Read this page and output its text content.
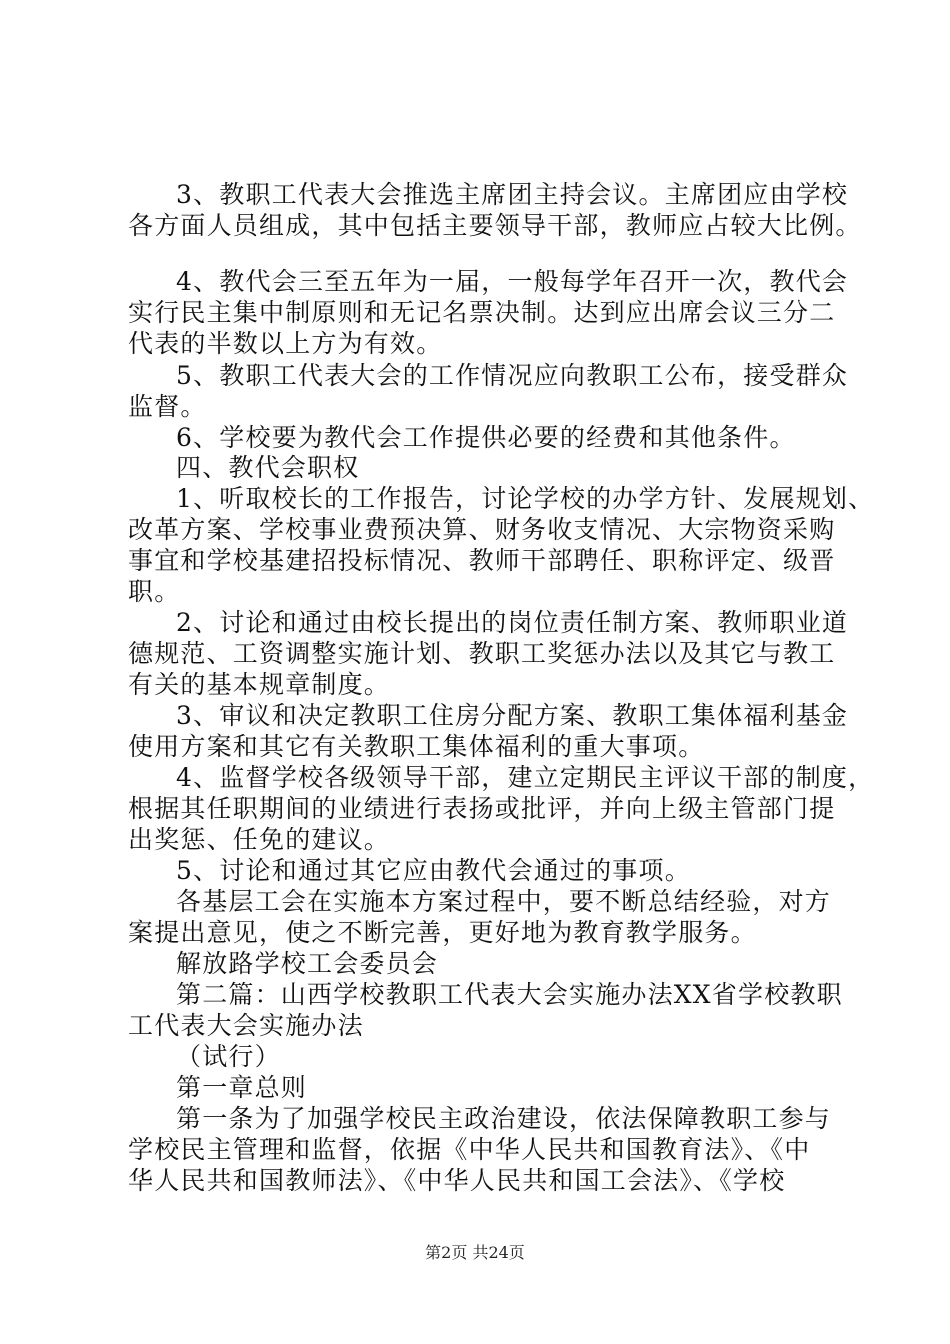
3、教职工代表大会推选主席团主持会议。主席团应由学校
各方面人员组成，其中包括主要领导干部，教师应占较大比例。
4、教代会三至五年为一届，一般每学年召开一次，教代会
实行民主集中制原则和无记名票决制。达到应出席会议三分二
代表的半数以上方为有效。
5、教职工代表大会的工作情况应向教职工公布，接受群众
监督。
6、学校要为教代会工作提供必要的经费和其他条件。
四、教代会职权
1、听取校长的工作报告，讨论学校的办学方针、发展规划、
改革方案、学校事业费预决算、财务收支情况、大宗物资采购
事宜和学校基建招投标情况、教师干部聘任、职称评定、级晋
职。
2、讨论和通过由校长提出的岗位责任制方案、教师职业道
德规范、工资调整实施计划、教职工奖惩办法以及其它与教工
有关的基本规章制度。
3、审议和决定教职工住房分配方案、教职工集体福利基金
使用方案和其它有关教职工集体福利的重大事项。
4、监督学校各级领导干部，建立定期民主评议干部的制度，
根据其任职期间的业绩进行表扬或批评，并向上级主管部门提
出奖惩、任免的建议。
5、讨论和通过其它应由教代会通过的事项。
各基层工会在实施本方案过程中，要不断总结经验，对方
案提出意见，使之不断完善，更好地为教育教学服务。
解放路学校工会委员会
第二篇：山西学校教职工代表大会实施办法XX省学校教职
工代表大会实施办法
（试行）
第一章总则
第一条为了加强学校民主政治建设，依法保障教职工参与
学校民主管理和监督，依据《中华人民共和国教育法》、《中
华人民共和国教师法》、《中华人民共和国工会法》、《学校
第2页 共24页
